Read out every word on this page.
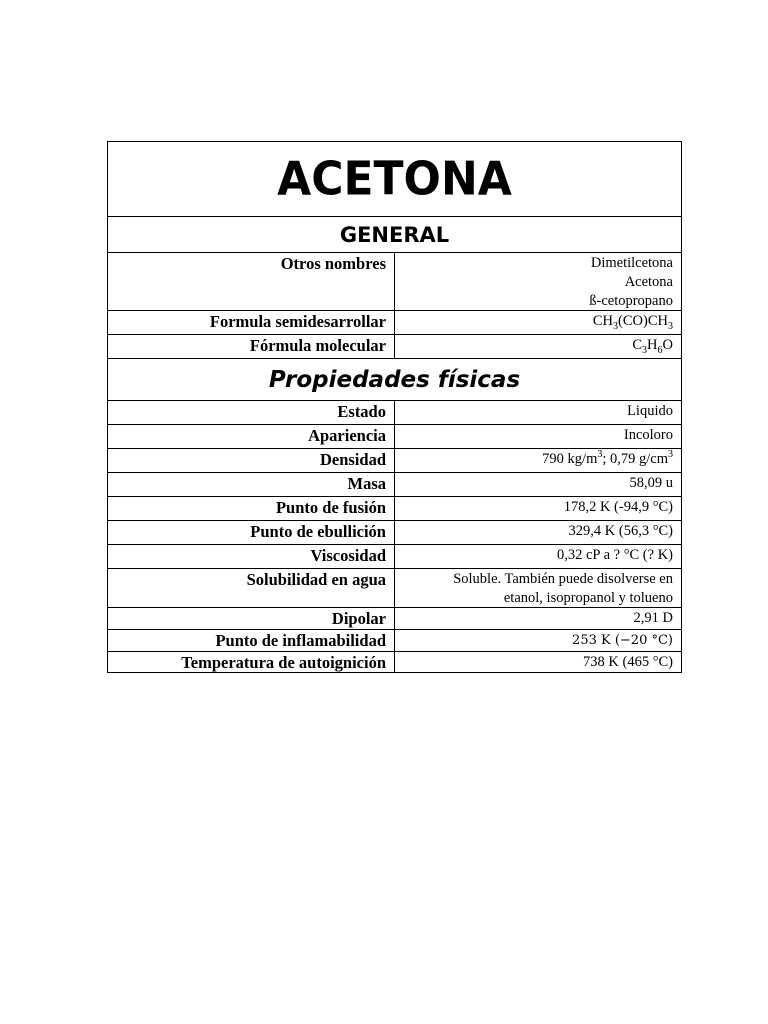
ACETONA
GENERAL
Otros nombres	Dimetilcetona
Acetona
ß-cetopropano
Formula semidesarrollar	$CH_3(CO)CH_3$
Fórmula molecular	$C_3H_6O$
Propiedades físicas
Estado	Liquido
Apariencia	Incoloro
Densidad	790 $kg/m^3$; 0,79 $g/cm^3$
Masa	58,09 u
Punto de fusión	178,2 K (-94,9 °C)
Punto de ebullición	329,4 K (56,3 °C)
Viscosidad	0,32 cP a ? °C (? K)
Solubilidad en agua	Soluble. También puede disolverse en
etanol, isopropanol y tolueno
Dipolar	2,91 D
Punto de inflamabilidad	253 K (−20 °C)
Temperatura de autoignición	738 K (465 °C)
